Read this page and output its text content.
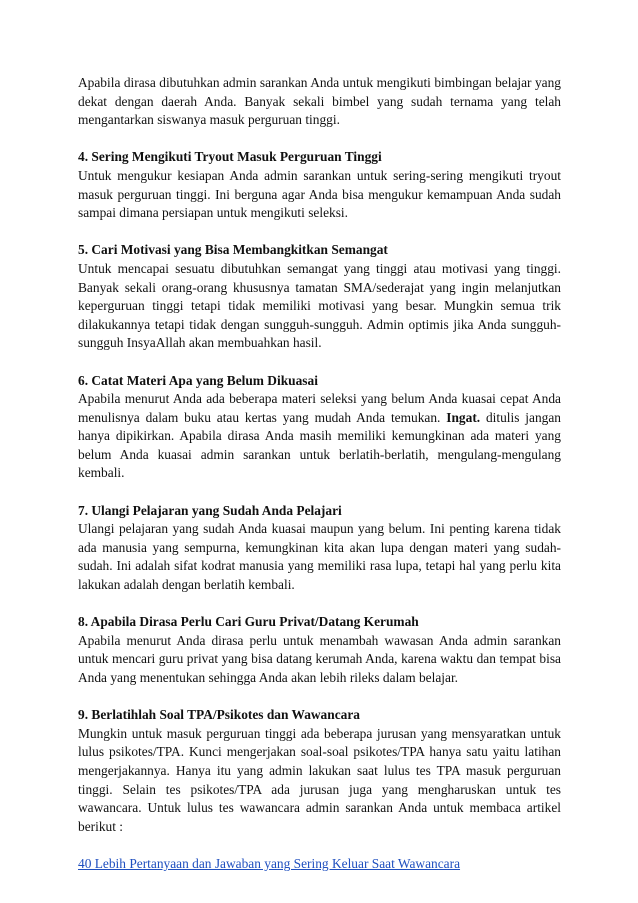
Apabila dirasa dibutuhkan admin sarankan Anda untuk mengikuti bimbingan belajar yang dekat dengan daerah Anda. Banyak sekali bimbel yang sudah ternama yang telah mengantarkan siswanya masuk perguruan tinggi.

4. Sering Mengikuti Tryout Masuk Perguruan Tinggi
Untuk mengukur kesiapan Anda admin sarankan untuk sering-sering mengikuti tryout masuk perguruan tinggi. Ini berguna agar Anda bisa mengukur kemampuan Anda sudah sampai dimana persiapan untuk mengikuti seleksi.
5. Cari Motivasi yang Bisa Membangkitkan Semangat
Untuk mencapai sesuatu dibutuhkan semangat yang tinggi atau motivasi yang tinggi. Banyak sekali orang-orang khususnya tamatan SMA/sederajat yang ingin melanjutkan keperguruan tinggi tetapi tidak memiliki motivasi yang besar. Mungkin semua trik dilakukannya tetapi tidak dengan sungguh-sungguh. Admin optimis jika Anda sungguh-sungguh InsyaAllah akan membuahkan hasil.
6. Catat Materi Apa yang Belum Dikuasai
Apabila menurut Anda ada beberapa materi seleksi yang belum Anda kuasai cepat Anda menulisnya dalam buku atau kertas yang mudah Anda temukan. Ingat. ditulis jangan hanya dipikirkan. Apabila dirasa Anda masih memiliki kemungkinan ada materi yang belum Anda kuasai admin sarankan untuk berlatih-berlatih, mengulang-mengulang kembali.
7. Ulangi Pelajaran yang Sudah Anda Pelajari
Ulangi pelajaran yang sudah Anda kuasai maupun yang belum. Ini penting karena tidak ada manusia yang sempurna, kemungkinan kita akan lupa dengan materi yang sudah-sudah. Ini adalah sifat kodrat manusia yang memiliki rasa lupa, tetapi hal yang perlu kita lakukan adalah dengan berlatih kembali.
8. Apabila Dirasa Perlu Cari Guru Privat/Datang Kerumah
Apabila menurut Anda dirasa perlu untuk menambah wawasan Anda admin sarankan untuk mencari guru privat yang bisa datang kerumah Anda, karena waktu dan tempat bisa Anda yang menentukan sehingga Anda akan lebih rileks dalam belajar.
9. Berlatihlah Soal TPA/Psikotes dan Wawancara
Mungkin untuk masuk perguruan tinggi ada beberapa jurusan yang mensyaratkan untuk lulus psikotes/TPA. Kunci mengerjakan soal-soal psikotes/TPA hanya satu yaitu latihan mengerjakannya. Hanya itu yang admin lakukan saat lulus tes TPA masuk perguruan tinggi. Selain tes psikotes/TPA ada jurusan juga yang mengharuskan untuk tes wawancara. Untuk lulus tes wawancara admin sarankan Anda untuk membaca artikel berikut :

40 Lebih Pertanyaan dan Jawaban yang Sering Keluar Saat Wawancara
